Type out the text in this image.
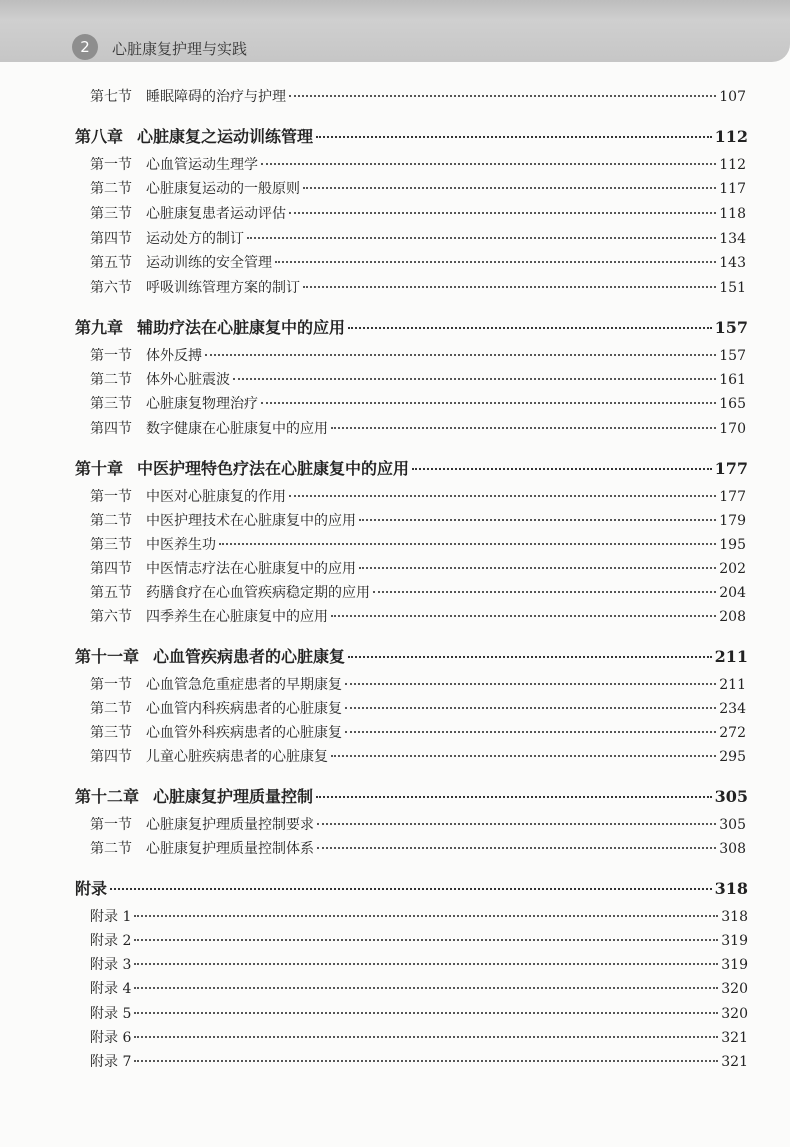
2	心脏康复护理与实践
第七节	睡眠障碍的治疗与护理	107
第八章 心脏康复之运动训练管理	112
第一节	心血管运动生理学	112
第二节	心脏康复运动的一般原则	117
第三节	心脏康复患者运动评估	118
第四节	运动处方的制订	134
第五节	运动训练的安全管理	143
第六节	呼吸训练管理方案的制订	151
第九章 辅助疗法在心脏康复中的应用	157
第一节	体外反搏	157
第二节	体外心脏震波	161
第三节	心脏康复物理治疗	165
第四节	数字健康在心脏康复中的应用	170
第十章 中医护理特色疗法在心脏康复中的应用	177
第一节	中医对心脏康复的作用	177
第二节	中医护理技术在心脏康复中的应用	179
第三节	中医养生功	195
第四节	中医情志疗法在心脏康复中的应用	202
第五节	药膳食疗在心血管疾病稳定期的应用	204
第六节	四季养生在心脏康复中的应用	208
第十一章 心血管疾病患者的心脏康复	211
第一节	心血管急危重症患者的早期康复	211
第二节	心血管内科疾病患者的心脏康复	234
第三节	心血管外科疾病患者的心脏康复	272
第四节	儿童心脏疾病患者的心脏康复	295
第十二章 心脏康复护理质量控制	305
第一节	心脏康复护理质量控制要求	305
第二节	心脏康复护理质量控制体系	308
附录	318
附录 1	318
附录 2	319
附录 3	319
附录 4	320
附录 5	320
附录 6	321
附录 7	321
